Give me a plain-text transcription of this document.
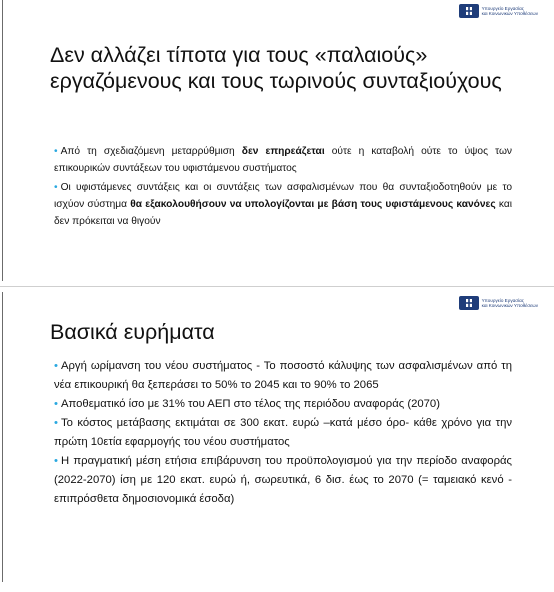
Υπουργείο Εργασίας
και Κοινωνικών Υποθέσεων
Δεν αλλάζει τίποτα για τους «παλαιούς» εργαζόμενους και τους τωρινούς συνταξιούχους
• Από τη σχεδιαζόμενη μεταρρύθμιση δεν επηρεάζεται ούτε η καταβολή ούτε το ύψος των επικουρικών συντάξεων του υφιστάμενου συστήματος
• Οι υφιστάμενες συντάξεις και οι συντάξεις των ασφαλισμένων που θα συνταξιοδοτηθούν με το ισχύον σύστημα θα εξακολουθήσουν να υπολογίζονται με βάση τους υφιστάμενους κανόνες και δεν πρόκειται να θιγούν
Υπουργείο Εργασίας
και Κοινωνικών Υποθέσεων
Βασικά ευρήματα
• Αργή ωρίμανση του νέου συστήματος - Το ποσοστό κάλυψης των ασφαλισμένων από τη νέα επικουρική θα ξεπεράσει το 50% το 2045 και το 90% το 2065
• Αποθεματικό ίσο με 31% του ΑΕΠ στο τέλος της περιόδου αναφοράς (2070)
• Το κόστος μετάβασης εκτιμάται σε 300 εκατ. ευρώ –κατά μέσο όρο- κάθε χρόνο για την πρώτη 10ετία εφαρμογής του νέου συστήματος
• Η πραγματική μέση ετήσια επιβάρυνση του προϋπολογισμού για την περίοδο αναφοράς (2022-2070) ίση με 120 εκατ. ευρώ ή, σωρευτικά, 6 δισ. έως το 2070 (= ταμειακό κενό - επιπρόσθετα δημοσιονομικά έσοδα)
